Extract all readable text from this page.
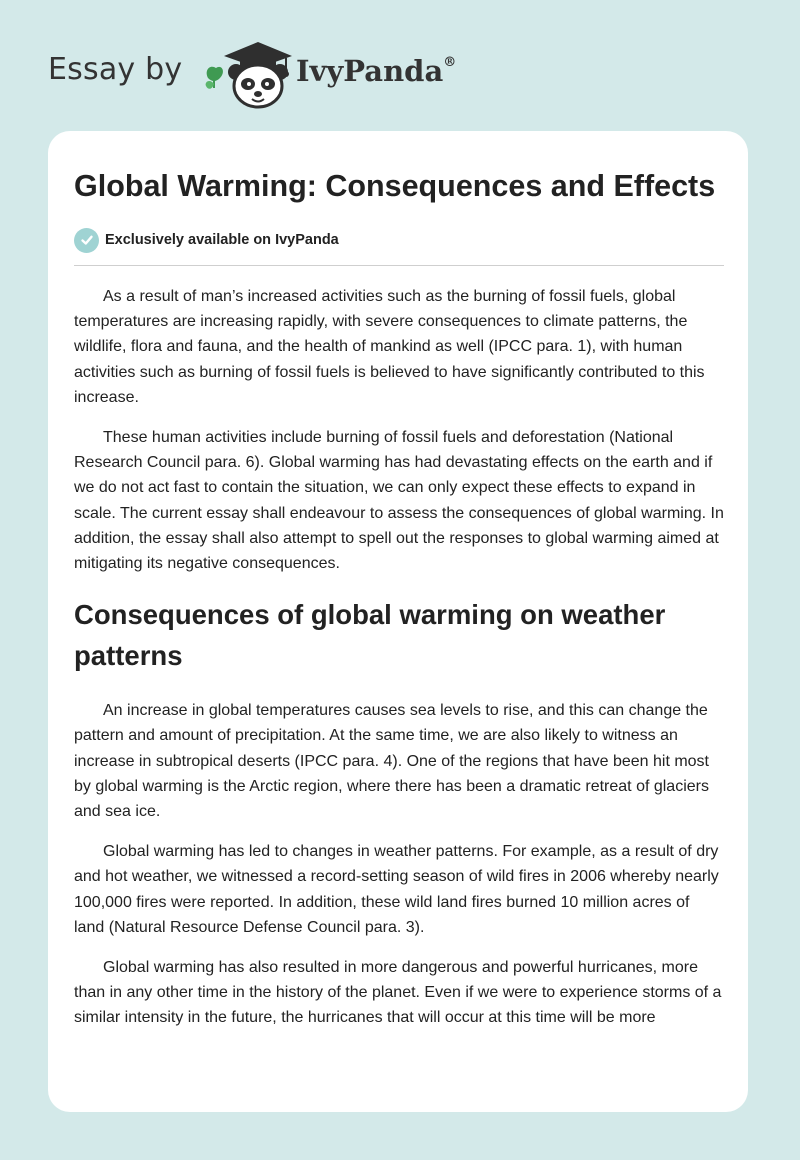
Essay by	IvyPanda®
Global Warming: Consequences and Effects
Exclusively available on IvyPanda

As a result of man’s increased activities such as the burning of fossil fuels, global temperatures are increasing rapidly, with severe consequences to climate patterns, the wildlife, flora and fauna, and the health of mankind as well (IPCC para. 1), with human activities such as burning of fossil fuels is believed to have significantly contributed to this increase.

These human activities include burning of fossil fuels and deforestation (National Research Council para. 6). Global warming has had devastating effects on the earth and if we do not act fast to contain the situation, we can only expect these effects to expand in scale. The current essay shall endeavour to assess the consequences of global warming. In addition, the essay shall also attempt to spell out the responses to global warming aimed at mitigating its negative consequences.

Consequences of global warming on weather patterns

An increase in global temperatures causes sea levels to rise, and this can change the pattern and amount of precipitation. At the same time, we are also likely to witness an increase in subtropical deserts (IPCC para. 4). One of the regions that have been hit most by global warming is the Arctic region, where there has been a dramatic retreat of glaciers and sea ice.

Global warming has led to changes in weather patterns. For example, as a result of dry and hot weather, we witnessed a record-setting season of wild fires in 2006 whereby nearly 100,000 fires were reported. In addition, these wild land fires burned 10 million acres of land (Natural Resource Defense Council para. 3).

Global warming has also resulted in more dangerous and powerful hurricanes, more than in any other time in the history of the planet. Even if we were to experience storms of a similar intensity in the future, the hurricanes that will occur at this time will be more
